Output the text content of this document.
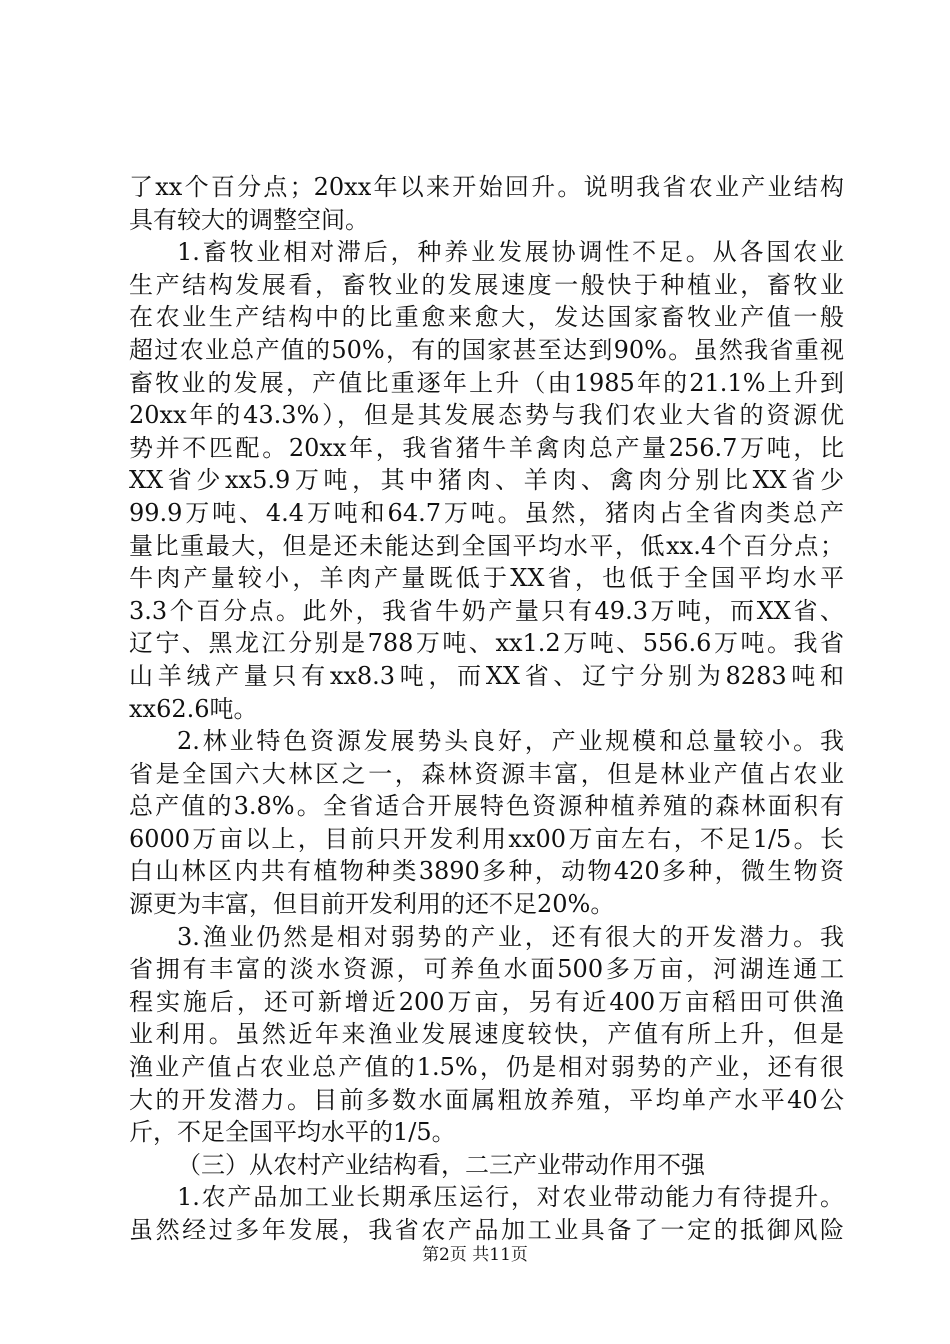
了xx个百分点；20xx年以来开始回升。说明我省农业产业结构
具有较大的调整空间。
1.畜牧业相对滞后，种养业发展协调性不足。从各国农业
生产结构发展看，畜牧业的发展速度一般快于种植业，畜牧业
在农业生产结构中的比重愈来愈大，发达国家畜牧业产值一般
超过农业总产值的50%，有的国家甚至达到90%。虽然我省重视
畜牧业的发展，产值比重逐年上升（由1985年的21.1%上升到
20xx年的43.3%），但是其发展态势与我们农业大省的资源优
势并不匹配。20xx年，我省猪牛羊禽肉总产量256.7万吨，比
XX省少xx5.9万吨，其中猪肉、羊肉、禽肉分别比XX省少
99.9万吨、4.4万吨和64.7万吨。虽然，猪肉占全省肉类总产
量比重最大，但是还未能达到全国平均水平，低xx.4个百分点；
牛肉产量较小，羊肉产量既低于XX省，也低于全国平均水平
3.3个百分点。此外，我省牛奶产量只有49.3万吨，而XX省、
辽宁、黑龙江分别是788万吨、xx1.2万吨、556.6万吨。我省
山羊绒产量只有xx8.3吨，而XX省、辽宁分别为8283吨和
xx62.6吨。
2.林业特色资源发展势头良好，产业规模和总量较小。我
省是全国六大林区之一，森林资源丰富，但是林业产值占农业
总产值的3.8%。全省适合开展特色资源种植养殖的森林面积有
6000万亩以上，目前只开发利用xx00万亩左右，不足1/5。长
白山林区内共有植物种类3890多种，动物420多种，微生物资
源更为丰富，但目前开发利用的还不足20%。
3.渔业仍然是相对弱势的产业，还有很大的开发潜力。我
省拥有丰富的淡水资源，可养鱼水面500多万亩，河湖连通工
程实施后，还可新增近200万亩，另有近400万亩稻田可供渔
业利用。虽然近年来渔业发展速度较快，产值有所上升，但是
渔业产值占农业总产值的1.5%，仍是相对弱势的产业，还有很
大的开发潜力。目前多数水面属粗放养殖，平均单产水平40公
斤，不足全国平均水平的1/5。
（三）从农村产业结构看，二三产业带动作用不强
1.农产品加工业长期承压运行，对农业带动能力有待提升。
虽然经过多年发展，我省农产品加工业具备了一定的抵御风险
第2页 共11页
